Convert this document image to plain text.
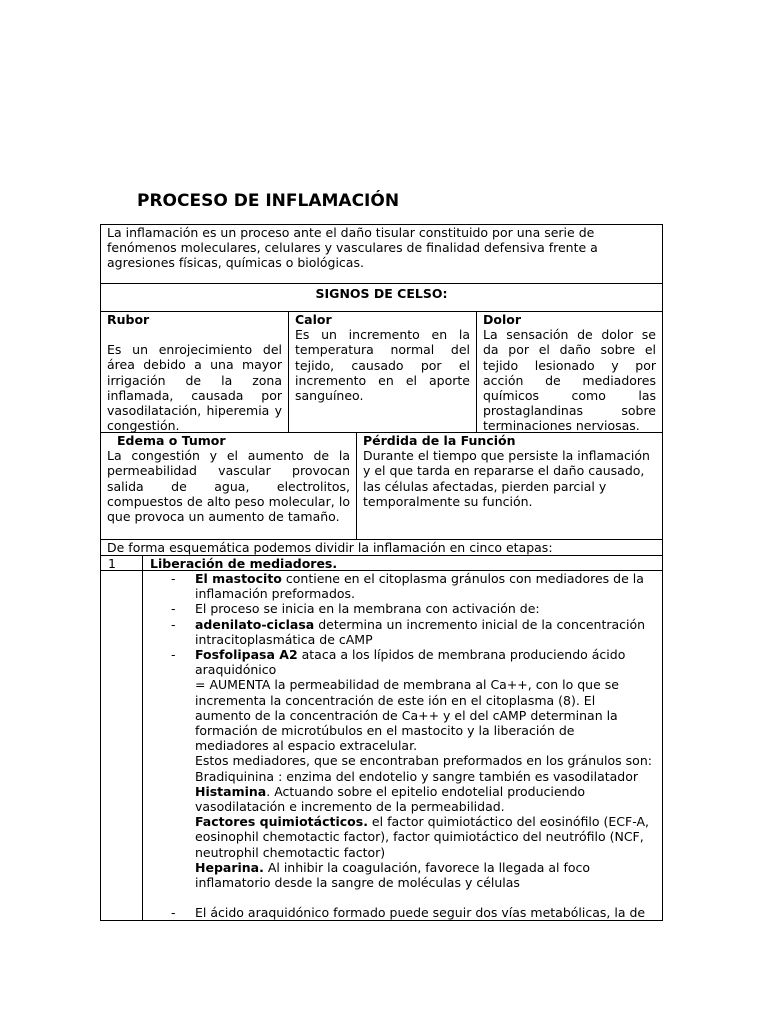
PROCESO DE INFLAMACIÓN
La inflamación es un proceso ante el daño tisular constituido por una serie de fenómenos moleculares, celulares y vasculares de finalidad defensiva frente a agresiones físicas, químicas o biológicas.
SIGNOS DE CELSO:
Rubor
Es un enrojecimiento del área debido a una mayor irrigación de la zona inflamada, causada por vasodilatación, hiperemia y congestión.
Calor
Es un incremento en la temperatura normal del tejido, causado por el incremento en el aporte sanguíneo.
Dolor
La sensación de dolor se da por el daño sobre el tejido lesionado y por acción de mediadores químicos como las prostaglandinas sobre terminaciones nerviosas.
Edema o Tumor
La congestión y el aumento de la permeabilidad vascular provocan salida de agua, electrolitos, compuestos de alto peso molecular, lo que provoca un aumento de tamaño.
Pérdida de la Función
Durante el tiempo que persiste la inflamación y el que tarda en repararse el daño causado, las células afectadas, pierden parcial y temporalmente su función.
De forma esquemática podemos dividir la inflamación en cinco etapas:
1	Liberación de mediadores.
- El mastocito contiene en el citoplasma gránulos con mediadores de la inflamación preformados.
- El proceso se inicia en la membrana con activación de:
- adenilato-ciclasa determina un incremento inicial de la concentración intracitoplasmática de cAMP
- Fosfolipasa A2 ataca a los lípidos de membrana produciendo ácido araquidónico
= AUMENTA la permeabilidad de membrana al Ca++, con lo que se incrementa la concentración de este ión en el citoplasma (8). El aumento de la concentración de Ca++ y el del cAMP determinan la formación de microtúbulos en el mastocito y la liberación de mediadores al espacio extracelular.
Estos mediadores, que se encontraban preformados en los gránulos son:
Bradiquinina : enzima del endotelio y sangre también es vasodilatador
Histamina. Actuando sobre el epitelio endotelial produciendo vasodilatación e incremento de la permeabilidad.
Factores quimiotácticos. el factor quimiotáctico del eosinófilo (ECF-A, eosinophil chemotactic factor), factor quimiotáctico del neutrófilo (NCF, neutrophil chemotactic factor)
Heparina. Al inhibir la coagulación, favorece la llegada al foco inflamatorio desde la sangre de moléculas y células
- El ácido araquidónico formado puede seguir dos vías metabólicas, la de
